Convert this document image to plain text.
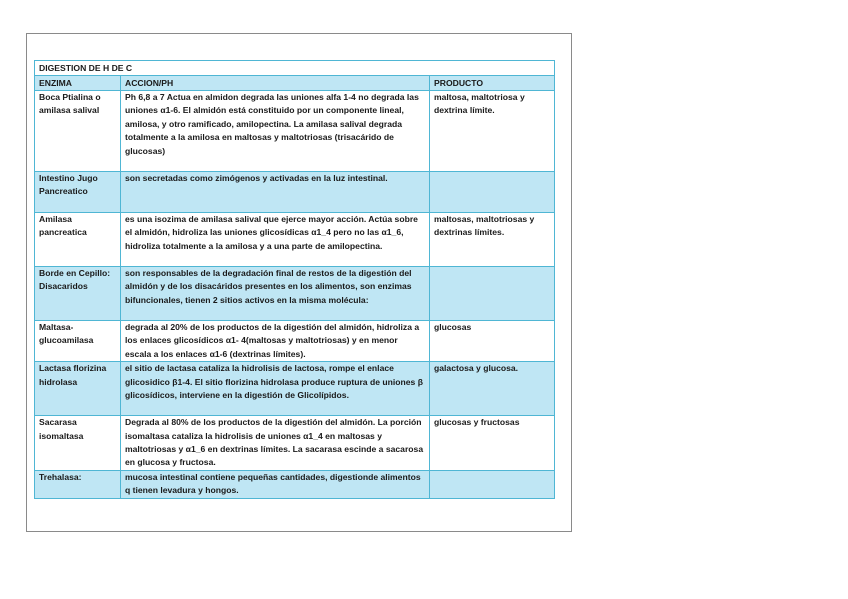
DIGESTION DE H DE C		
ENZIMA	ACCION/PH	PRODUCTO
Boca Ptialina o amilasa salival	Ph 6,8 a 7 Actua en almidon degrada las uniones alfa 1-4 no degrada las uniones α1-6. El almidón está constituido por un componente lineal, amilosa, y otro ramificado, amilopectina. La amilasa salival degrada totalmente a la amilosa en maltosas y maltotriosas (trisacárido de glucosas)	maltosa, maltotriosa y dextrina límite.
Intestino Jugo Pancreatico	son secretadas como zimógenos y activadas en la luz intestinal.	
Amilasa pancreatica	es una isozima de amilasa salival que ejerce mayor acción. Actúa sobre el almidón, hidroliza las uniones glicosídicas α1_4 pero no las α1_6, hidroliza totalmente a la amilosa y a una parte de amilopectina.	maltosas, maltotriosas y dextrinas límites.
Borde en Cepillo: Disacaridos	son responsables de la degradación final de restos de la digestión del almidón y de los disacáridos presentes en los alimentos, son enzimas bifuncionales, tienen 2 sitios activos en la misma molécula:	
Maltasa-glucoamilasa	degrada al 20% de los productos de la digestión del almidón, hidroliza a los enlaces glicosídicos α1- 4(maltosas y maltotriosas) y en menor escala a los enlaces α1-6 (dextrinas límites).	glucosas
Lactasa florizina hidrolasa	el sitio de lactasa cataliza la hidrolisis de lactosa, rompe el enlace glicosidico β1-4. El sitio florizina hidrolasa produce ruptura de uniones β glicosídicos, interviene en la digestión de Glicolípidos.	galactosa y glucosa.
Sacarasa isomaltasa	Degrada al 80% de los productos de la digestión del almidón. La porción isomaltasa cataliza la hidrolisis de uniones α1_4 en maltosas y maltotriosas y α1_6 en dextrinas límites. La sacarasa escinde a sacarosa en glucosa y fructosa.	glucosas y fructosas
Trehalasa:	mucosa intestinal contiene pequeñas cantidades, digestionde alimentos q tienen levadura y hongos.	
